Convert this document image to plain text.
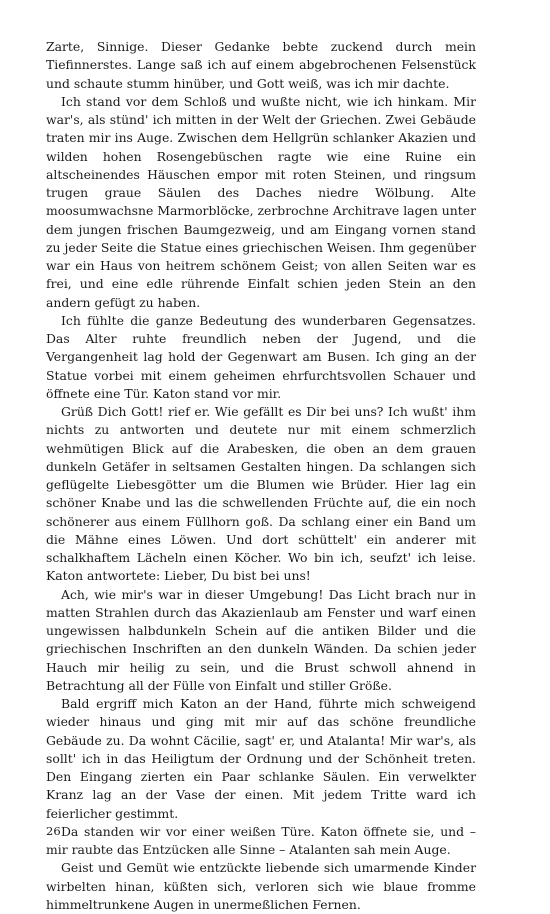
Zarte, Sinnige. Dieser Gedanke bebte zuckend durch mein Tiefinnerstes. Lange saß ich auf einem abgebrochenen Felsenstück und schaute stumm hinüber, und Gott weiß, was ich mir dachte.

Ich stand vor dem Schloß und wußte nicht, wie ich hinkam. Mir war's, als stünd' ich mitten in der Welt der Griechen. Zwei Gebäude traten mir ins Auge. Zwischen dem Hellgrün schlanker Akazien und wilden hohen Rosengebüschen ragte wie eine Ruine ein altscheinendes Häuschen empor mit roten Steinen, und ringsum trugen graue Säulen des Daches niedre Wölbung. Alte moosumwachsne Marmorblöcke, zerbrochne Architrave lagen unter dem jungen frischen Baumgezweig, und am Eingang vornen stand zu jeder Seite die Statue eines griechischen Weisen. Ihm gegenüber war ein Haus von heitrem schönem Geist; von allen Seiten war es frei, und eine edle rührende Einfalt schien jeden Stein an den andern gefügt zu haben.

Ich fühlte die ganze Bedeutung des wunderbaren Gegensatzes. Das Alter ruhte freundlich neben der Jugend, und die Vergangenheit lag hold der Gegenwart am Busen. Ich ging an der Statue vorbei mit einem geheimen ehrfurchtsvollen Schauer und öffnete eine Tür. Katon stand vor mir.

Grüß Dich Gott! rief er. Wie gefällt es Dir bei uns? Ich wußt' ihm nichts zu antworten und deutete nur mit einem schmerzlich wehmütigen Blick auf die Arabesken, die oben an dem grauen dunkeln Getäfer in seltsamen Gestalten hingen. Da schlangen sich geflügelte Liebesgötter um die Blumen wie Brüder. Hier lag ein schöner Knabe und las die schwellenden Früchte auf, die ein noch schönerer aus einem Füllhorn goß. Da schlang einer ein Band um die Mähne eines Löwen. Und dort schüttelt' ein anderer mit schalkhaftem Lächeln einen Köcher. Wo bin ich, seufzt' ich leise. Katon antwortete: Lieber, Du bist bei uns!

Ach, wie mir's war in dieser Umgebung! Das Licht brach nur in matten Strahlen durch das Akazienlaub am Fenster und warf einen ungewissen halbdunkeln Schein auf die antiken Bilder und die griechischen Inschriften an den dunkeln Wänden. Da schien jeder Hauch mir heilig zu sein, und die Brust schwoll ahnend in Betrachtung all der Fülle von Einfalt und stiller Größe.

Bald ergriff mich Katon an der Hand, führte mich schweigend wieder hinaus und ging mit mir auf das schöne freundliche Gebäude zu. Da wohnt Cäcilie, sagt' er, und Atalanta! Mir war's, als sollt' ich in das Heiligtum der Ordnung und der Schönheit treten. Den Eingang zierten ein Paar schlanke Säulen. Ein verwelkter Kranz lag an der Vase der einen. Mit jedem Tritte ward ich feierlicher gestimmt.

Da standen wir vor einer weißen Türe. Katon öffnete sie, und – mir raubte das Entzücken alle Sinne – Atalanten sah mein Auge.

Geist und Gemüt wie entzückte liebende sich umarmende Kinder wirbelten hinan, küßten sich, verloren sich wie blaue fromme himmeltrunkene Augen in unermeßlichen Fernen.

26
